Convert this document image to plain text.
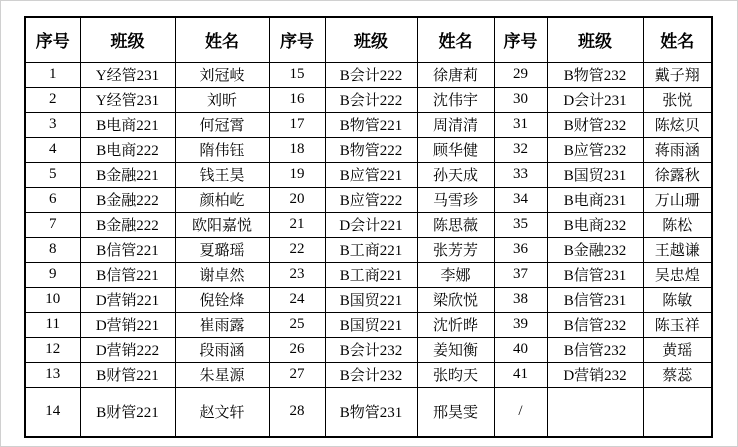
序号	班级	姓名	序号	班级	姓名	序号	班级	姓名
1	Y经管231	刘冠岐	15	B会计222	徐唐莉	29	B物管232	戴子翔
2	Y经管231	刘昕	16	B会计222	沈伟宇	30	D会计231	张悦
3	B电商221	何冠霄	17	B物管221	周清清	31	B财管232	陈炫贝
4	B电商222	隋伟钰	18	B物管222	顾华健	32	B应管232	蒋雨涵
5	B金融221	钱王昊	19	B应管221	孙天成	33	B国贸231	徐露秋
6	B金融222	颜柏屹	20	B应管222	马雪珍	34	B电商231	万山珊
7	B金融222	欧阳嘉悦	21	D会计221	陈思薇	35	B电商232	陈松
8	B信管221	夏璐瑶	22	B工商221	张芳芳	36	B金融232	王越谦
9	B信管221	谢卓然	23	B工商221	李娜	37	B信管231	吴忠煌
10	D营销221	倪铨烽	24	B国贸221	梁欣悦	38	B信管231	陈敏
11	D营销221	崔雨露	25	B国贸221	沈忻晔	39	B信管232	陈玉祥
12	D营销222	段雨涵	26	B会计232	姜知衡	40	B信管232	黄瑶
13	B财管221	朱星源	27	B会计232	张昀天	41	D营销232	蔡蕊
14	B财管221	赵文轩	28	B物管231	邢昊雯	/		
